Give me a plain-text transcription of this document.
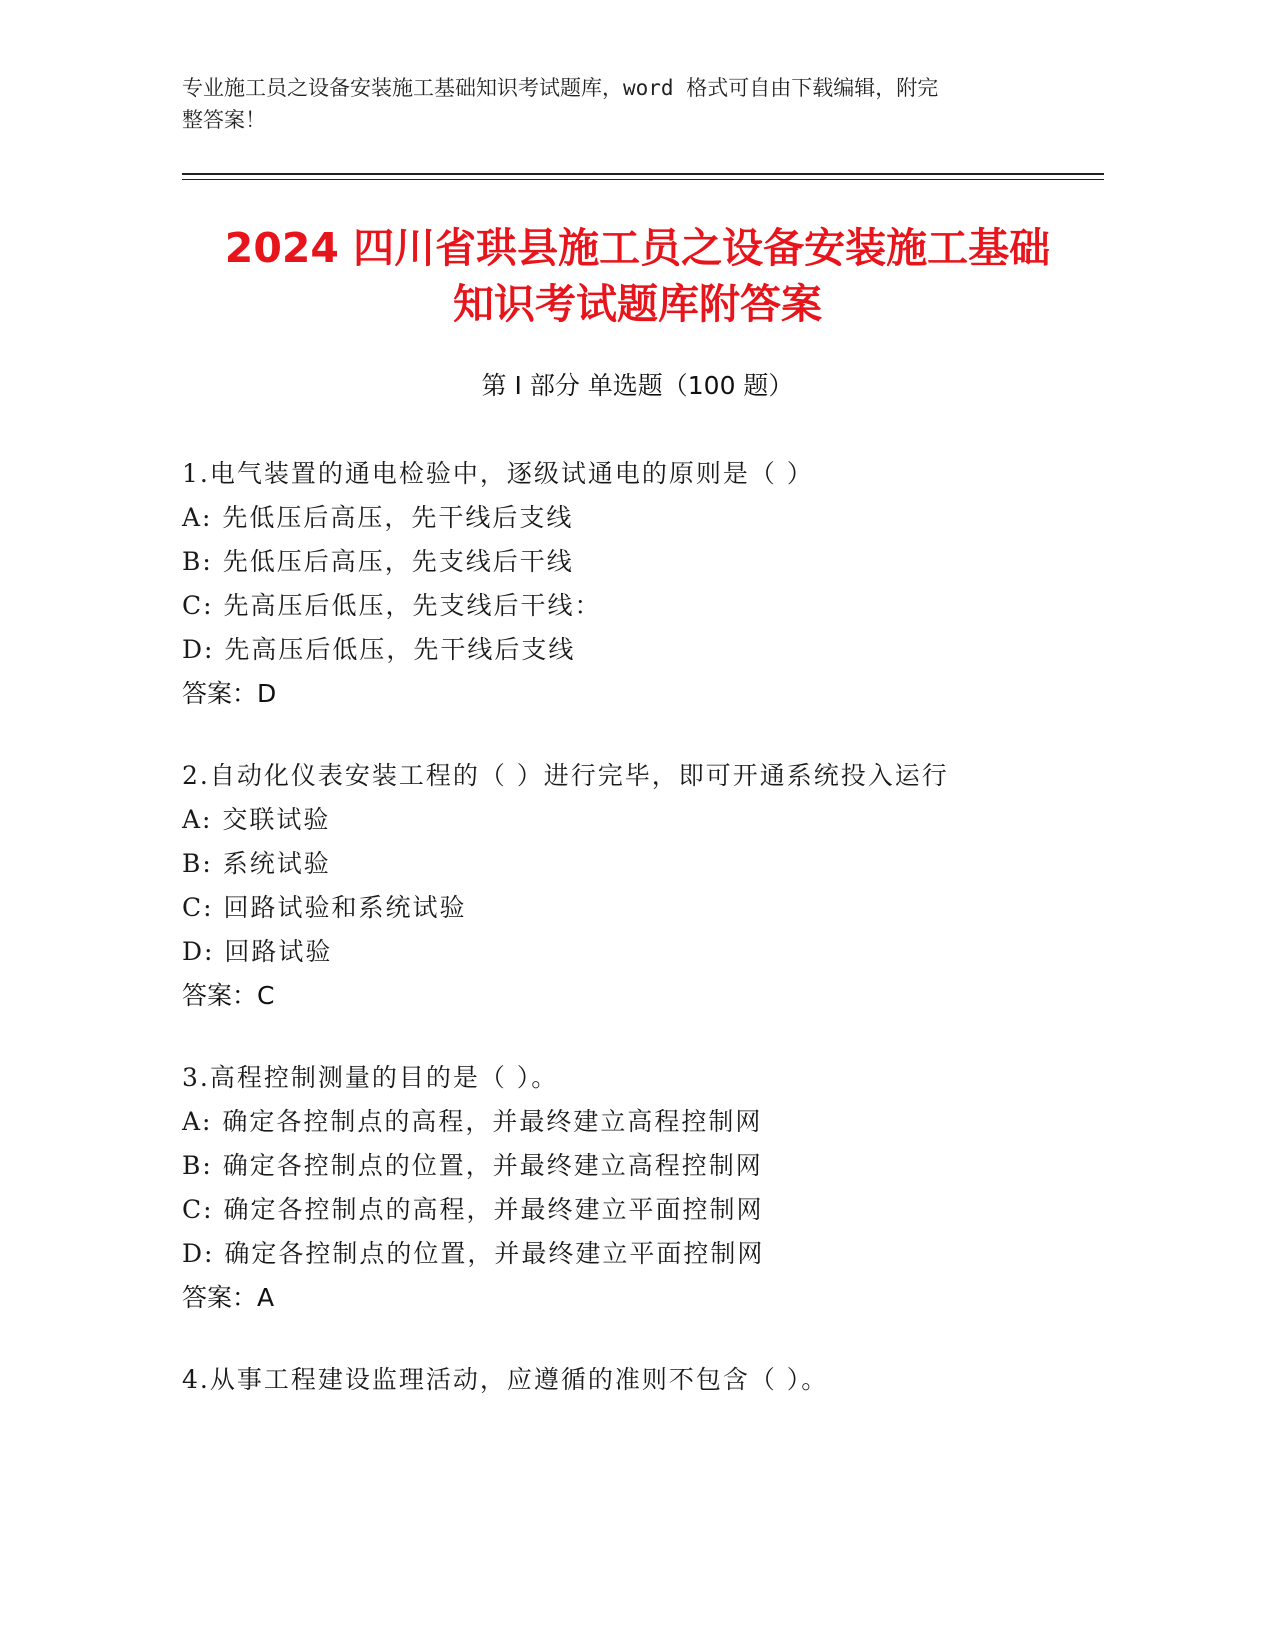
专业施工员之设备安装施工基础知识考试题库，word 格式可自由下载编辑，附完
整答案！
2024 四川省珙县施工员之设备安装施工基础
知识考试题库附答案
第 I 部分 单选题（100 题）
1.电气装置的通电检验中，逐级试通电的原则是（ ）
A: 先低压后高压，先干线后支线
B: 先低压后高压，先支线后干线
C: 先高压后低压，先支线后干线：
D: 先高压后低压，先干线后支线
答案：D
2.自动化仪表安装工程的（ ）进行完毕，即可开通系统投入运行
A: 交联试验
B: 系统试验
C: 回路试验和系统试验
D: 回路试验
答案：C
3.高程控制测量的目的是（ ）。
A: 确定各控制点的高程，并最终建立高程控制网
B: 确定各控制点的位置，并最终建立高程控制网
C: 确定各控制点的高程，并最终建立平面控制网
D: 确定各控制点的位置，并最终建立平面控制网
答案：A
4.从事工程建设监理活动，应遵循的准则不包含（ ）。
